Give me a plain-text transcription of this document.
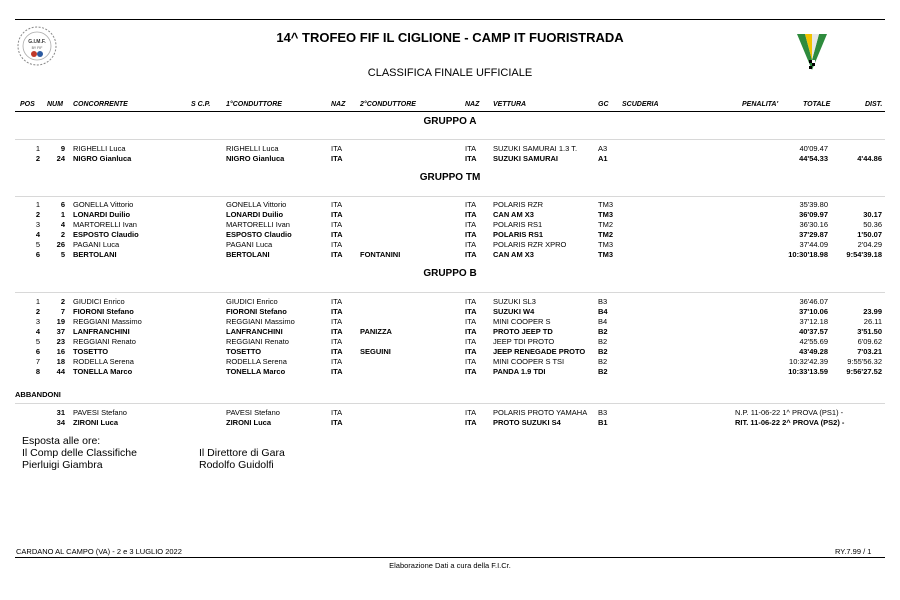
G.I.M.F.
BY FIF
14^ TROFEO FIF IL CIGLIONE - CAMP IT FUORISTRADA
CLASSIFICA FINALE UFFICIALE
POS NUM CONCORRENTE	S C.P. 1°CONDUTTORE	NAZ 2°CONDUTTORE	NAZ VETTURA	GC SCUDERIA	PENALITA'	TOTALE	DIST.
GRUPPO A
1	9 RIGHELLI Luca	RIGHELLI Luca	ITA	ITA SUZUKI SAMURAI 1.3 T.	A3	40'09.47
2	24 NIGRO Gianluca	NIGRO Gianluca	ITA	ITA SUZUKI SAMURAI	A1	44'54.33	4'44.86
GRUPPO TM
1	6 GONELLA Vittorio	GONELLA Vittorio	ITA	ITA POLARIS RZR	TM3	35'39.80
2	1 LONARDI Duilio	LONARDI Duilio	ITA	ITA CAN AM X3	TM3	36'09.97	30.17
3	4 MARTORELLI Ivan	MARTORELLI Ivan	ITA	ITA POLARIS RS1	TM2	36'30.16	50.36
4	2 ESPOSTO Claudio	ESPOSTO Claudio	ITA	ITA POLARIS RS1	TM2	37'29.87	1'50.07
5	26 PAGANI Luca	PAGANI Luca	ITA	ITA POLARIS RZR XPRO	TM3	37'44.09	2'04.29
6	5 BERTOLANI	BERTOLANI	ITA FONTANINI	ITA CAN AM X3	TM3	10:30'18.98	9:54'39.18
GRUPPO B
1	2 GIUDICI Enrico	GIUDICI Enrico	ITA	ITA SUZUKI SL3	B3	36'46.07
2	7 FIORONI Stefano	FIORONI Stefano	ITA	ITA SUZUKI W4	B4	37'10.06	23.99
3	19 REGGIANI Massimo	REGGIANI Massimo	ITA	ITA MINI COOPER S	B4	37'12.18	26.11
4	37 LANFRANCHINI	LANFRANCHINI	ITA PANIZZA	ITA PROTO JEEP TD	B2	40'37.57	3'51.50
5	23 REGGIANI Renato	REGGIANI Renato	ITA	ITA JEEP TDI PROTO	B2	42'55.69	6'09.62
6	16 TOSETTO	TOSETTO	ITA SEGUINI	ITA JEEP RENEGADE PROTO B2	43'49.28	7'03.21
7	18 RODELLA Serena	RODELLA Serena	ITA	ITA MINI COOPER S TSI	B2	10:32'42.39	9:55'56.32
8	44 TONELLA Marco	TONELLA Marco	ITA	ITA PANDA 1.9 TDI	B2	10:33'13.59	9:56'27.52
ABBANDONI
31 PAVESI Stefano	PAVESI Stefano	ITA	ITA POLARIS PROTO YAMAHA B3	N.P. 11-06-22 1^ PROVA (PS1) -
34 ZIRONI Luca	ZIRONI Luca	ITA	ITA PROTO SUZUKI S4	B1	RIT. 11-06-22 2^ PROVA (PS2) -
Esposta alle ore:
Il Comp delle Classifiche
Pierluigi Giambra
Il Direttore di Gara
Rodolfo Guidolfi
CARDANO AL CAMPO (VA) - 2 e 3 LUGLIO 2022	RY.7.99 / 1
Elaborazione Dati a cura della F.I.Cr.
